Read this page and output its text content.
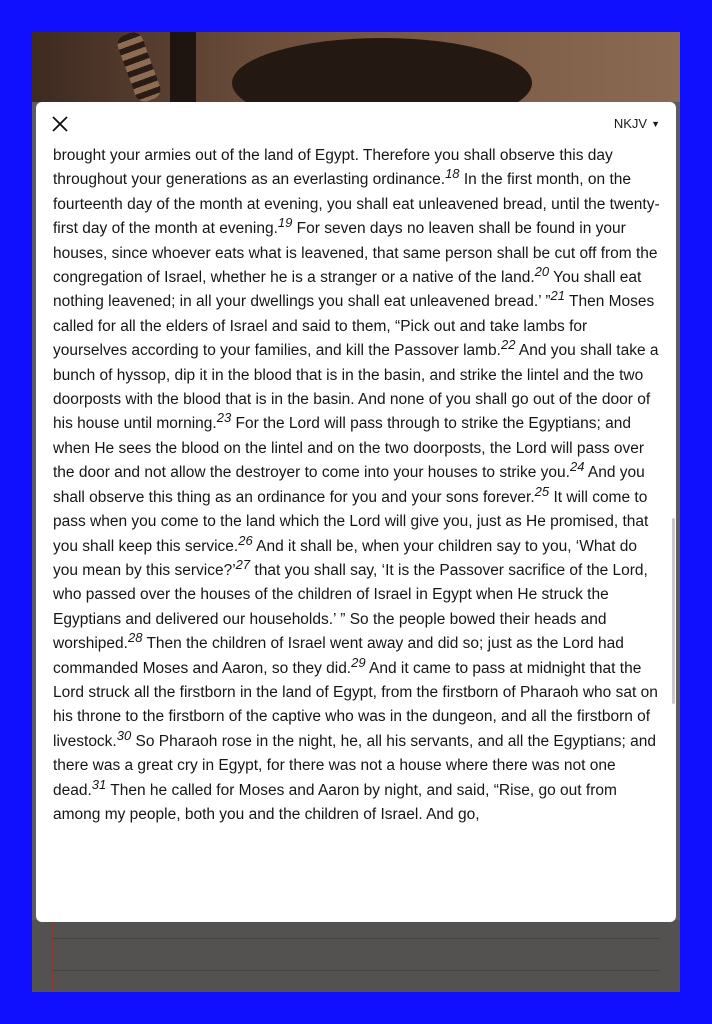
NKJV ▼

brought your armies out of the land of Egypt. Therefore you shall observe this day throughout your generations as an everlasting ordinance.$^{18}$ In the first month, on the fourteenth day of the month at evening, you shall eat unleavened bread, until the twenty-first day of the month at evening.$^{19}$ For seven days no leaven shall be found in your houses, since whoever eats what is leavened, that same person shall be cut off from the congregation of Israel, whether he is a stranger or a native of the land.$^{20}$ You shall eat nothing leavened; in all your dwellings you shall eat unleavened bread.’ ”$^{21}$ Then Moses called for all the elders of Israel and said to them, “Pick out and take lambs for yourselves according to your families, and kill the Passover lamb.$^{22}$ And you shall take a bunch of hyssop, dip it in the blood that is in the basin, and strike the lintel and the two doorposts with the blood that is in the basin. And none of you shall go out of the door of his house until morning.$^{23}$ For the Lord will pass through to strike the Egyptians; and when He sees the blood on the lintel and on the two doorposts, the Lord will pass over the door and not allow the destroyer to come into your houses to strike you.$^{24}$ And you shall observe this thing as an ordinance for you and your sons forever.$^{25}$ It will come to pass when you come to the land which the Lord will give you, just as He promised, that you shall keep this service.$^{26}$ And it shall be, when your children say to you, ‘What do you mean by this service?’$^{27}$ that you shall say, ‘It is the Passover sacrifice of the Lord, who passed over the houses of the children of Israel in Egypt when He struck the Egyptians and delivered our households.’ ” So the people bowed their heads and worshiped.$^{28}$ Then the children of Israel went away and did so; just as the Lord had commanded Moses and Aaron, so they did.$^{29}$ And it came to pass at midnight that the Lord struck all the firstborn in the land of Egypt, from the firstborn of Pharaoh who sat on his throne to the firstborn of the captive who was in the dungeon, and all the firstborn of livestock.$^{30}$ So Pharaoh rose in the night, he, all his servants, and all the Egyptians; and there was a great cry in Egypt, for there was not a house where there was not one dead.$^{31}$ Then he called for Moses and Aaron by night, and said, “Rise, go out from among my people, both you and the children of Israel. And go,
